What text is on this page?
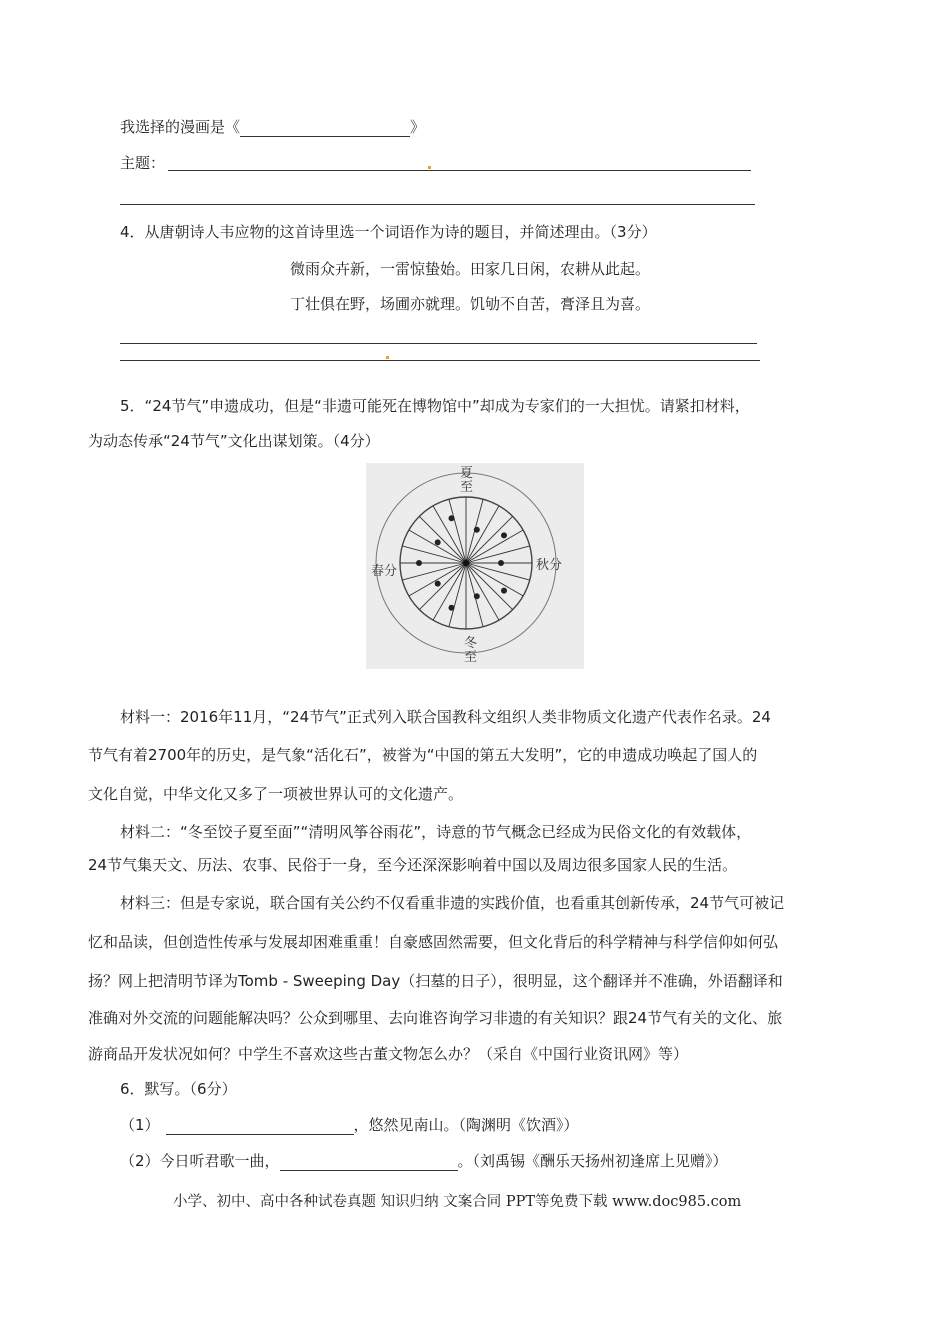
我选择的漫画是《	》
主题：
4．从唐朝诗人韦应物的这首诗里选一个词语作为诗的题目，并简述理由。（3分）
微雨众卉新，一雷惊蛰始。田家几日闲，农耕从此起。
丁壮俱在野，场圃亦就理。饥劬不自苦，膏泽且为喜。
5．“24节气”申遗成功，但是“非遗可能死在博物馆中”却成为专家们的一大担忧。请紧扣材料，
为动态传承“24节气”文化出谋划策。（4分）
夏
至
春分	秋分
冬
至
材料一：2016年11月，“24节气”正式列入联合国教科文组织人类非物质文化遗产代表作名录。24
节气有着2700年的历史，是气象“活化石”，被誉为“中国的第五大发明”，它的申遗成功唤起了国人的
文化自觉，中华文化又多了一项被世界认可的文化遗产。
材料二：“冬至饺子夏至面”“清明风筝谷雨花”，诗意的节气概念已经成为民俗文化的有效载体，
24节气集天文、历法、农事、民俗于一身，至今还深深影响着中国以及周边很多国家人民的生活。
材料三：但是专家说，联合国有关公约不仅看重非遗的实践价值，也看重其创新传承，24节气可被记
忆和品读，但创造性传承与发展却困难重重！自豪感固然需要，但文化背后的科学精神与科学信仰如何弘
扬？网上把清明节译为Tomb - Sweeping Day（扫墓的日子），很明显，这个翻译并不准确，外语翻译和
准确对外交流的问题能解决吗？公众到哪里、去向谁咨询学习非遗的有关知识？跟24节气有关的文化、旅
游商品开发状况如何？中学生不喜欢这些古董文物怎么办？（采自《中国行业资讯网》等）
6．默写。（6分）
（1）	，悠然见南山。（陶渊明《饮酒》）
（2）今日听君歌一曲，	。（刘禹锡《酬乐天扬州初逢席上见赠》）
小学、初中、高中各种试卷真题 知识归纳 文案合同 PPT等免费下载 www.doc985.com
